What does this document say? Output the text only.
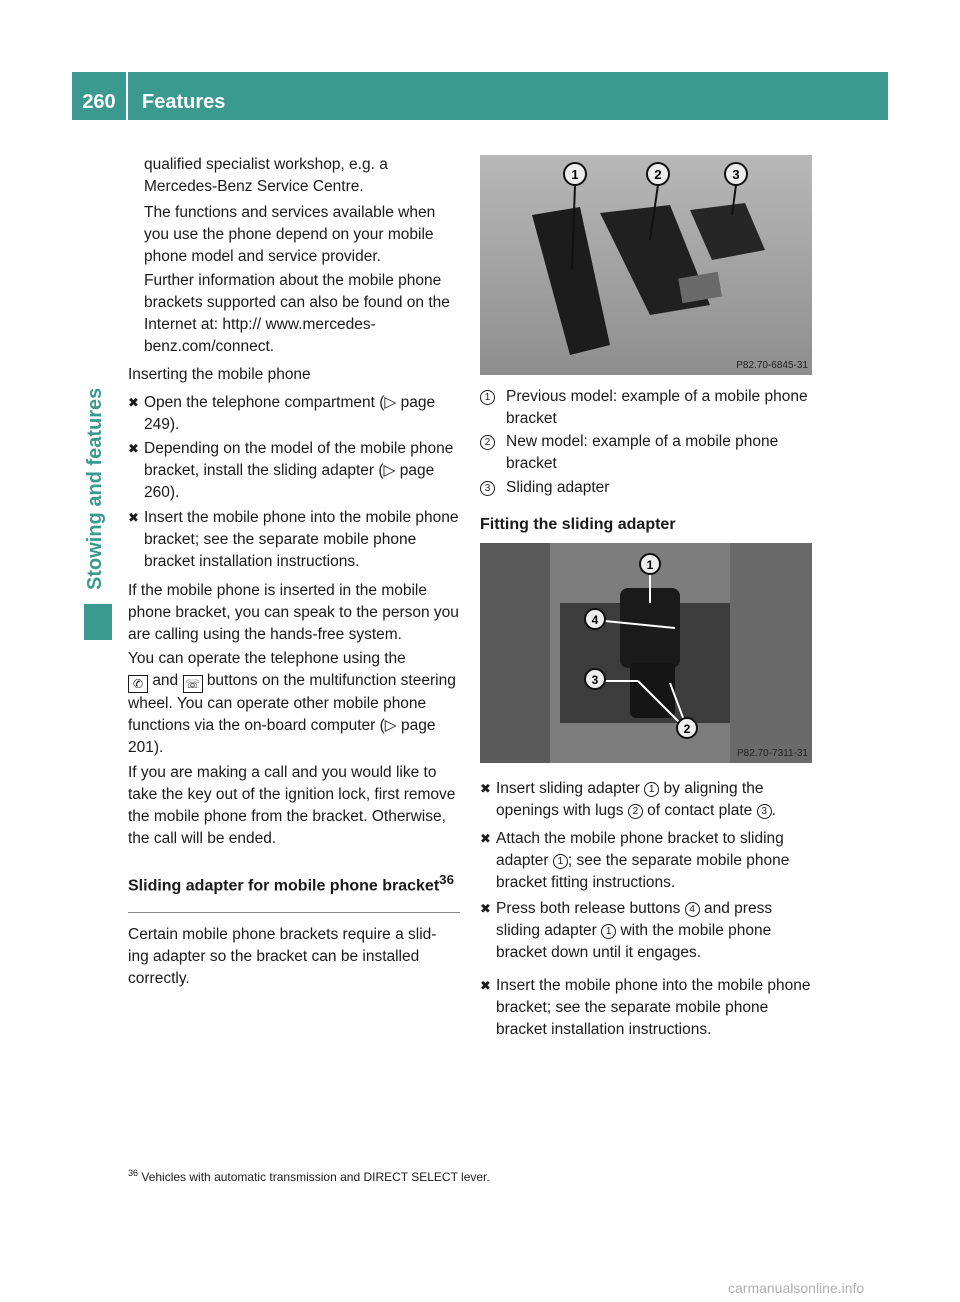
260 Features
Stowing and features
qualified specialist workshop, e.g. a Mercedes-Benz Service Centre.
The functions and services available when you use the phone depend on your mobile phone model and service provider.
Further information about the mobile phone brackets supported can also be found on the Internet at: http:// www.mercedes-benz.com/connect.
Inserting the mobile phone
✖ Open the telephone compartment (▷ page 249).
✖ Depending on the model of the mobile phone bracket, install the sliding adapter (▷ page 260).
✖ Insert the mobile phone into the mobile phone bracket; see the separate mobile phone bracket installation instructions.
If the mobile phone is inserted in the mobile phone bracket, you can speak to the person you are calling using the hands-free system.
You can operate the telephone using the
✆ and ☏ buttons on the multifunction steering wheel. You can operate other mobile phone functions via the on-board computer (▷ page 201).
If you are making a call and you would like to take the key out of the ignition lock, first remove the mobile phone from the bracket. Otherwise, the call will be ended.
Sliding adapter for mobile phone bracket$^{36}$
Certain mobile phone brackets require a slid- ing adapter so the bracket can be installed correctly.
1	2	3
P82.70-6845-31
1	Previous model: example of a mobile phone bracket
2	New model: example of a mobile phone bracket
3	Sliding adapter
Fitting the sliding adapter
1
4
3
2
P82.70-7311-31
✖ Insert sliding adapter 1 by aligning the openings with lugs 2 of contact plate 3 .
✖ Attach the mobile phone bracket to sliding adapter 1 ; see the separate mobile phone bracket fitting instructions.
✖ Press both release buttons 4 and press sliding adapter 1 with the mobile phone bracket down until it engages.
✖ Insert the mobile phone into the mobile phone bracket; see the separate mobile phone bracket installation instructions.
$^{36}$ Vehicles with automatic transmission and DIRECT SELECT lever.
carmanualsonline.info
